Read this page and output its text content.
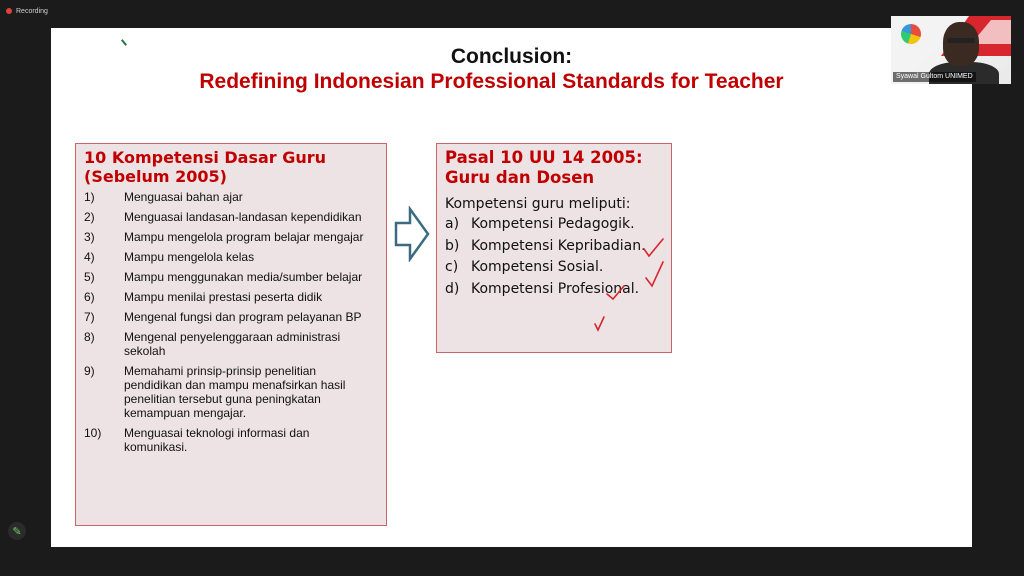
Recording
✎
Conclusion:
Redefining Indonesian Professional Standards for Teacher

10 Kompetensi Dasar Guru (Sebelum 2005)

1)	Menguasai bahan ajar
2)	Menguasai landasan-landasan kependidikan
3)	Mampu mengelola program belajar mengajar
4)	Mampu mengelola kelas
5)	Mampu menggunakan media/sumber belajar
6)	Mampu menilai prestasi peserta didik
7)	Mengenal fungsi dan program pelayanan BP
8)	Mengenal penyelenggaraan administrasi sekolah
9)	Memahami prinsip-prinsip penelitian pendidikan dan mampu menafsirkan hasil penelitian tersebut guna peningkatan kemampuan mengajar.
10)	Menguasai teknologi informasi dan komunikasi.

Pasal 10 UU 14 2005: Guru dan Dosen

Kompetensi guru meliputi:

a) Kompetensi Pedagogik.
b) Kompetensi Kepribadian.
c) Kompetensi Sosial.
d) Kompetensi Profesional.
Syawal Gultom UNIMED
